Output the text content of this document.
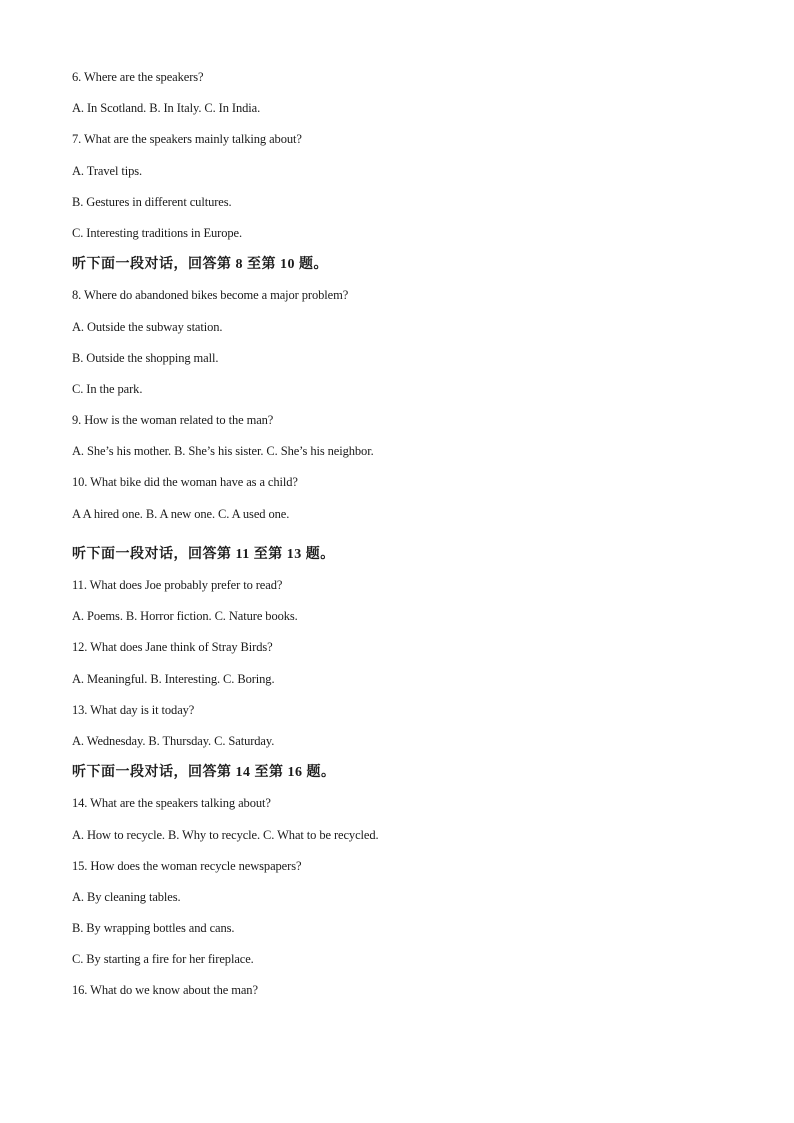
6. Where are the speakers?
A. In Scotland. B. In Italy. C. In India.
7. What are the speakers mainly talking about?
A. Travel tips.
B. Gestures in different cultures.
C. Interesting traditions in Europe.
听下面一段对话，回答第 8 至第 10 题。
8. Where do abandoned bikes become a major problem?
A. Outside the subway station.
B. Outside the shopping mall.
C. In the park.
9. How is the woman related to the man?
A. She’s his mother. B. She’s his sister. C. She’s his neighbor.
10. What bike did the woman have as a child?
A A hired one. B. A new one. C. A used one.
听下面一段对话，回答第 11 至第 13 题。
11. What does Joe probably prefer to read?
A. Poems. B. Horror fiction. C. Nature books.
12. What does Jane think of Stray Birds?
A. Meaningful. B. Interesting. C. Boring.
13. What day is it today?
A. Wednesday. B. Thursday. C. Saturday.
听下面一段对话，回答第 14 至第 16 题。
14. What are the speakers talking about?
A. How to recycle. B. Why to recycle. C. What to be recycled.
15. How does the woman recycle newspapers?
A. By cleaning tables.
B. By wrapping bottles and cans.
C. By starting a fire for her fireplace.
16. What do we know about the man?
